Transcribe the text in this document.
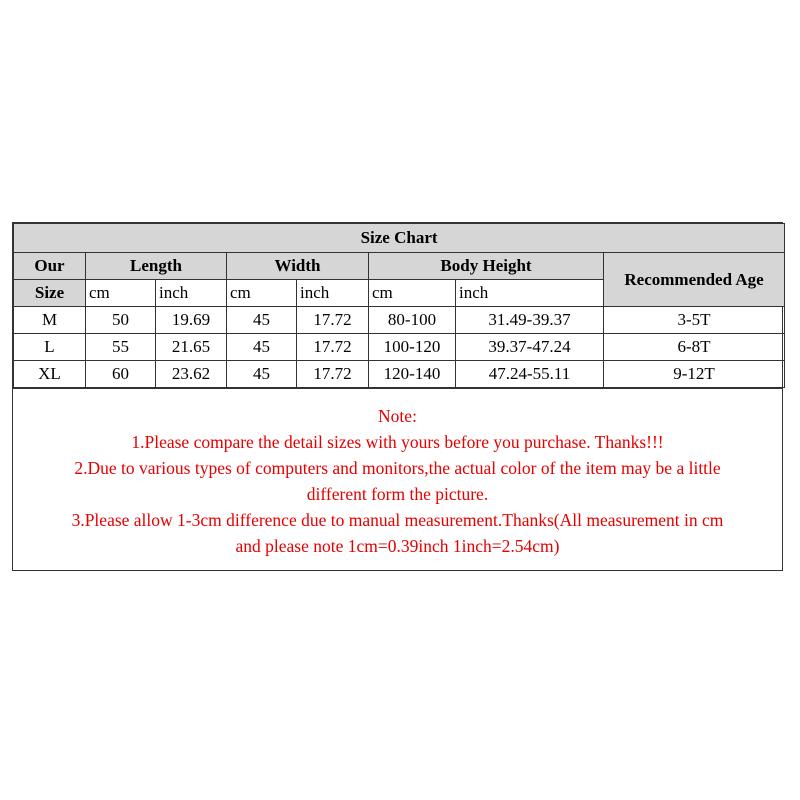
Size Chart							
Our	Length		Width		Body Height		Recommended Age
Size	cm	inch	cm	inch	cm	inch	
M	50	19.69	45	17.72	80-100	31.49-39.37	3-5T
L	55	21.65	45	17.72	100-120	39.37-47.24	6-8T
XL	60	23.62	45	17.72	120-140	47.24-55.11	9-12T

Note:

1.Please compare the detail sizes with yours before you purchase. Thanks!!!

2.Due to various types of computers and monitors,the actual color of the item may be a little

different form the picture.

3.Please allow 1-3cm difference due to manual measurement.Thanks(All measurement in cm

and please note 1cm=0.39inch 1inch=2.54cm)
